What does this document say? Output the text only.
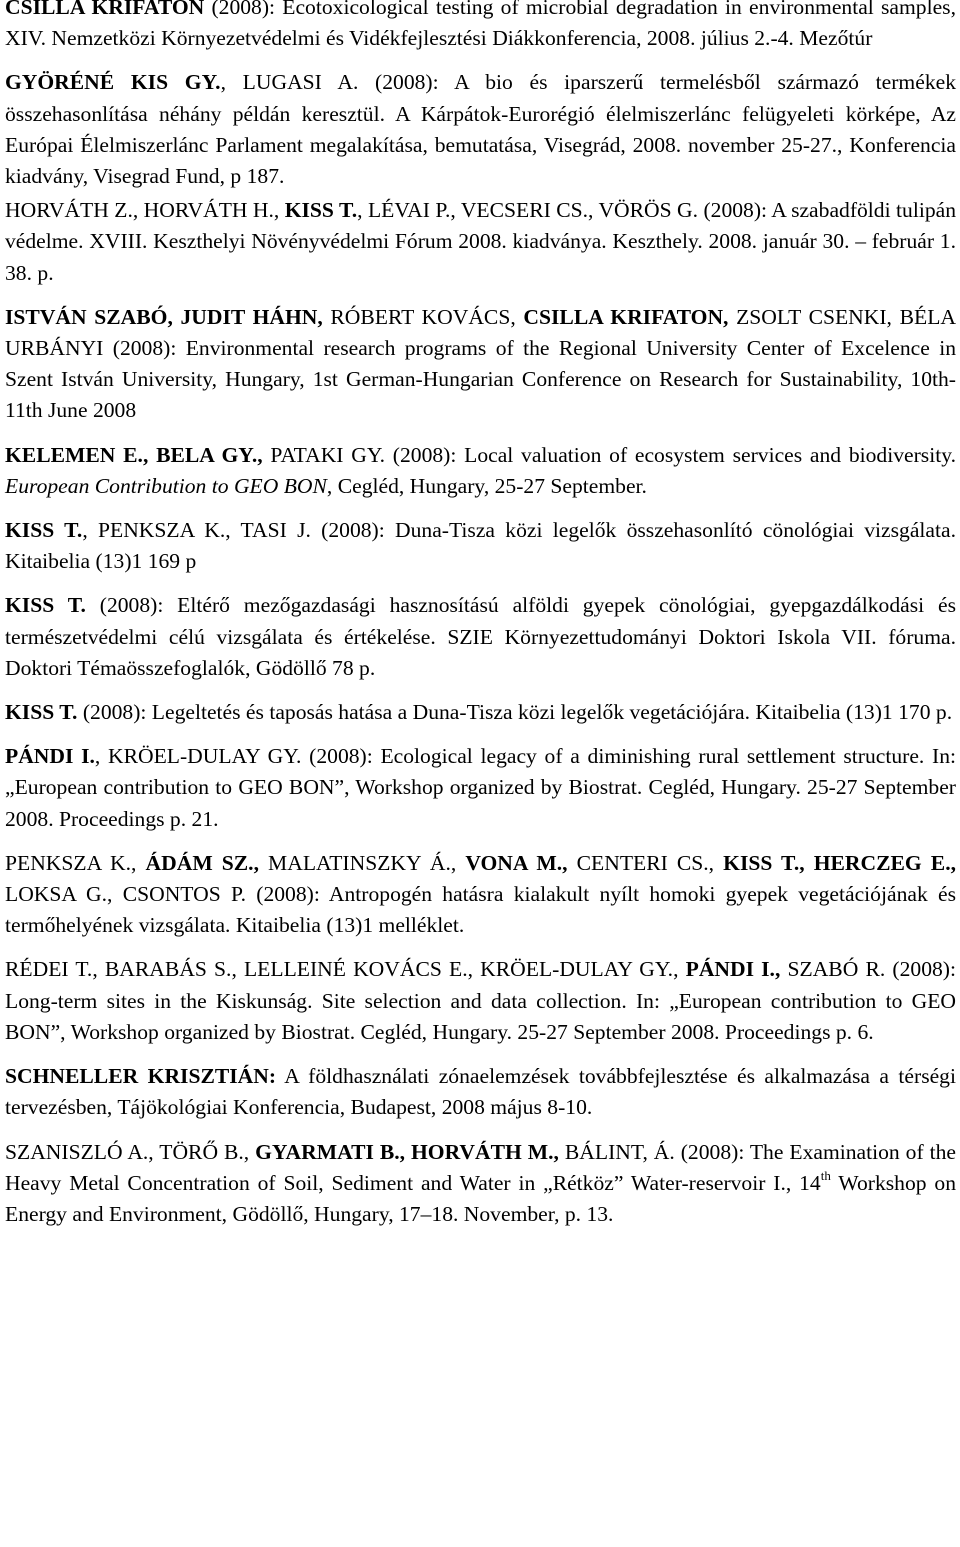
CSILLA KRIFATON (2008): Ecotoxicological testing of microbial degradation in environmental samples, XIV. Nemzetközi Környezetvédelmi és Vidékfejlesztési Diákkonferencia, 2008. július 2.-4. Mezőtúr

GYÖRÉNÉ KIS GY., LUGASI A. (2008): A bio és iparszerű termelésből származó termékek összehasonlítása néhány példán keresztül. A Kárpátok-Eurorégió élelmiszerlánc felügyeleti körképe, Az Európai Élelmiszerlánc Parlament megalakítása, bemutatása, Visegrád, 2008. november 25-27., Konferencia kiadvány, Visegrad Fund, p 187.

HORVÁTH Z., HORVÁTH H., KISS T., LÉVAI P., VECSERI CS., VÖRÖS G. (2008): A szabadföldi tulipán védelme. XVIII. Keszthelyi Növényvédelmi Fórum 2008. kiadványa. Keszthely. 2008. január 30. – február 1. 38. p.

ISTVÁN SZABÓ, JUDIT HÁHN, RÓBERT KOVÁCS, CSILLA KRIFATON, ZSOLT CSENKI, BÉLA URBÁNYI (2008): Environmental research programs of the Regional University Center of Excelence in Szent István University, Hungary, 1st German-Hungarian Conference on Research for Sustainability, 10th-11th June 2008

KELEMEN E., BELA GY., PATAKI GY. (2008): Local valuation of ecosystem services and biodiversity. European Contribution to GEO BON, Cegléd, Hungary, 25-27 September.

KISS T., PENKSZA K., TASI J. (2008): Duna-Tisza közi legelők összehasonlító cönológiai vizsgálata. Kitaibelia (13)1 169 p

KISS T. (2008): Eltérő mezőgazdasági hasznosítású alföldi gyepek cönológiai, gyepgazdálkodási és természetvédelmi célú vizsgálata és értékelése. SZIE Környezettudományi Doktori Iskola VII. fóruma. Doktori Témaösszefoglalók, Gödöllő 78 p.

KISS T. (2008): Legeltetés és taposás hatása a Duna-Tisza közi legelők vegetációjára. Kitaibelia (13)1 170 p.

PÁNDI I., KRÖEL-DULAY GY. (2008): Ecological legacy of a diminishing rural settlement structure. In: „European contribution to GEO BON”, Workshop organized by Biostrat. Cegléd, Hungary. 25-27 September 2008. Proceedings p. 21.

PENKSZA K., ÁDÁM SZ., MALATINSZKY Á., VONA M., CENTERI CS., KISS T., HERCZEG E., LOKSA G., CSONTOS P. (2008): Antropogén hatásra kialakult nyílt homoki gyepek vegetációjának és termőhelyének vizsgálata. Kitaibelia (13)1 melléklet.

RÉDEI T., BARABÁS S., LELLEINÉ KOVÁCS E., KRÖEL-DULAY GY., PÁNDI I., SZABÓ R. (2008): Long-term sites in the Kiskunság. Site selection and data collection. In: „European contribution to GEO BON”, Workshop organized by Biostrat. Cegléd, Hungary. 25-27 September 2008. Proceedings p. 6.

SCHNELLER KRISZTIÁN: A földhasználati zónaelemzések továbbfejlesztése és alkalmazása a térségi tervezésben, Tájökológiai Konferencia, Budapest, 2008 május 8-10.

SZANISZLÓ A., TÖRŐ B., GYARMATI B., HORVÁTH M., BÁLINT, Á. (2008): The Examination of the Heavy Metal Concentration of Soil, Sediment and Water in „Rétköz” Water-reservoir I., 14th Workshop on Energy and Environment, Gödöllő, Hungary, 17–18. November, p. 13.
